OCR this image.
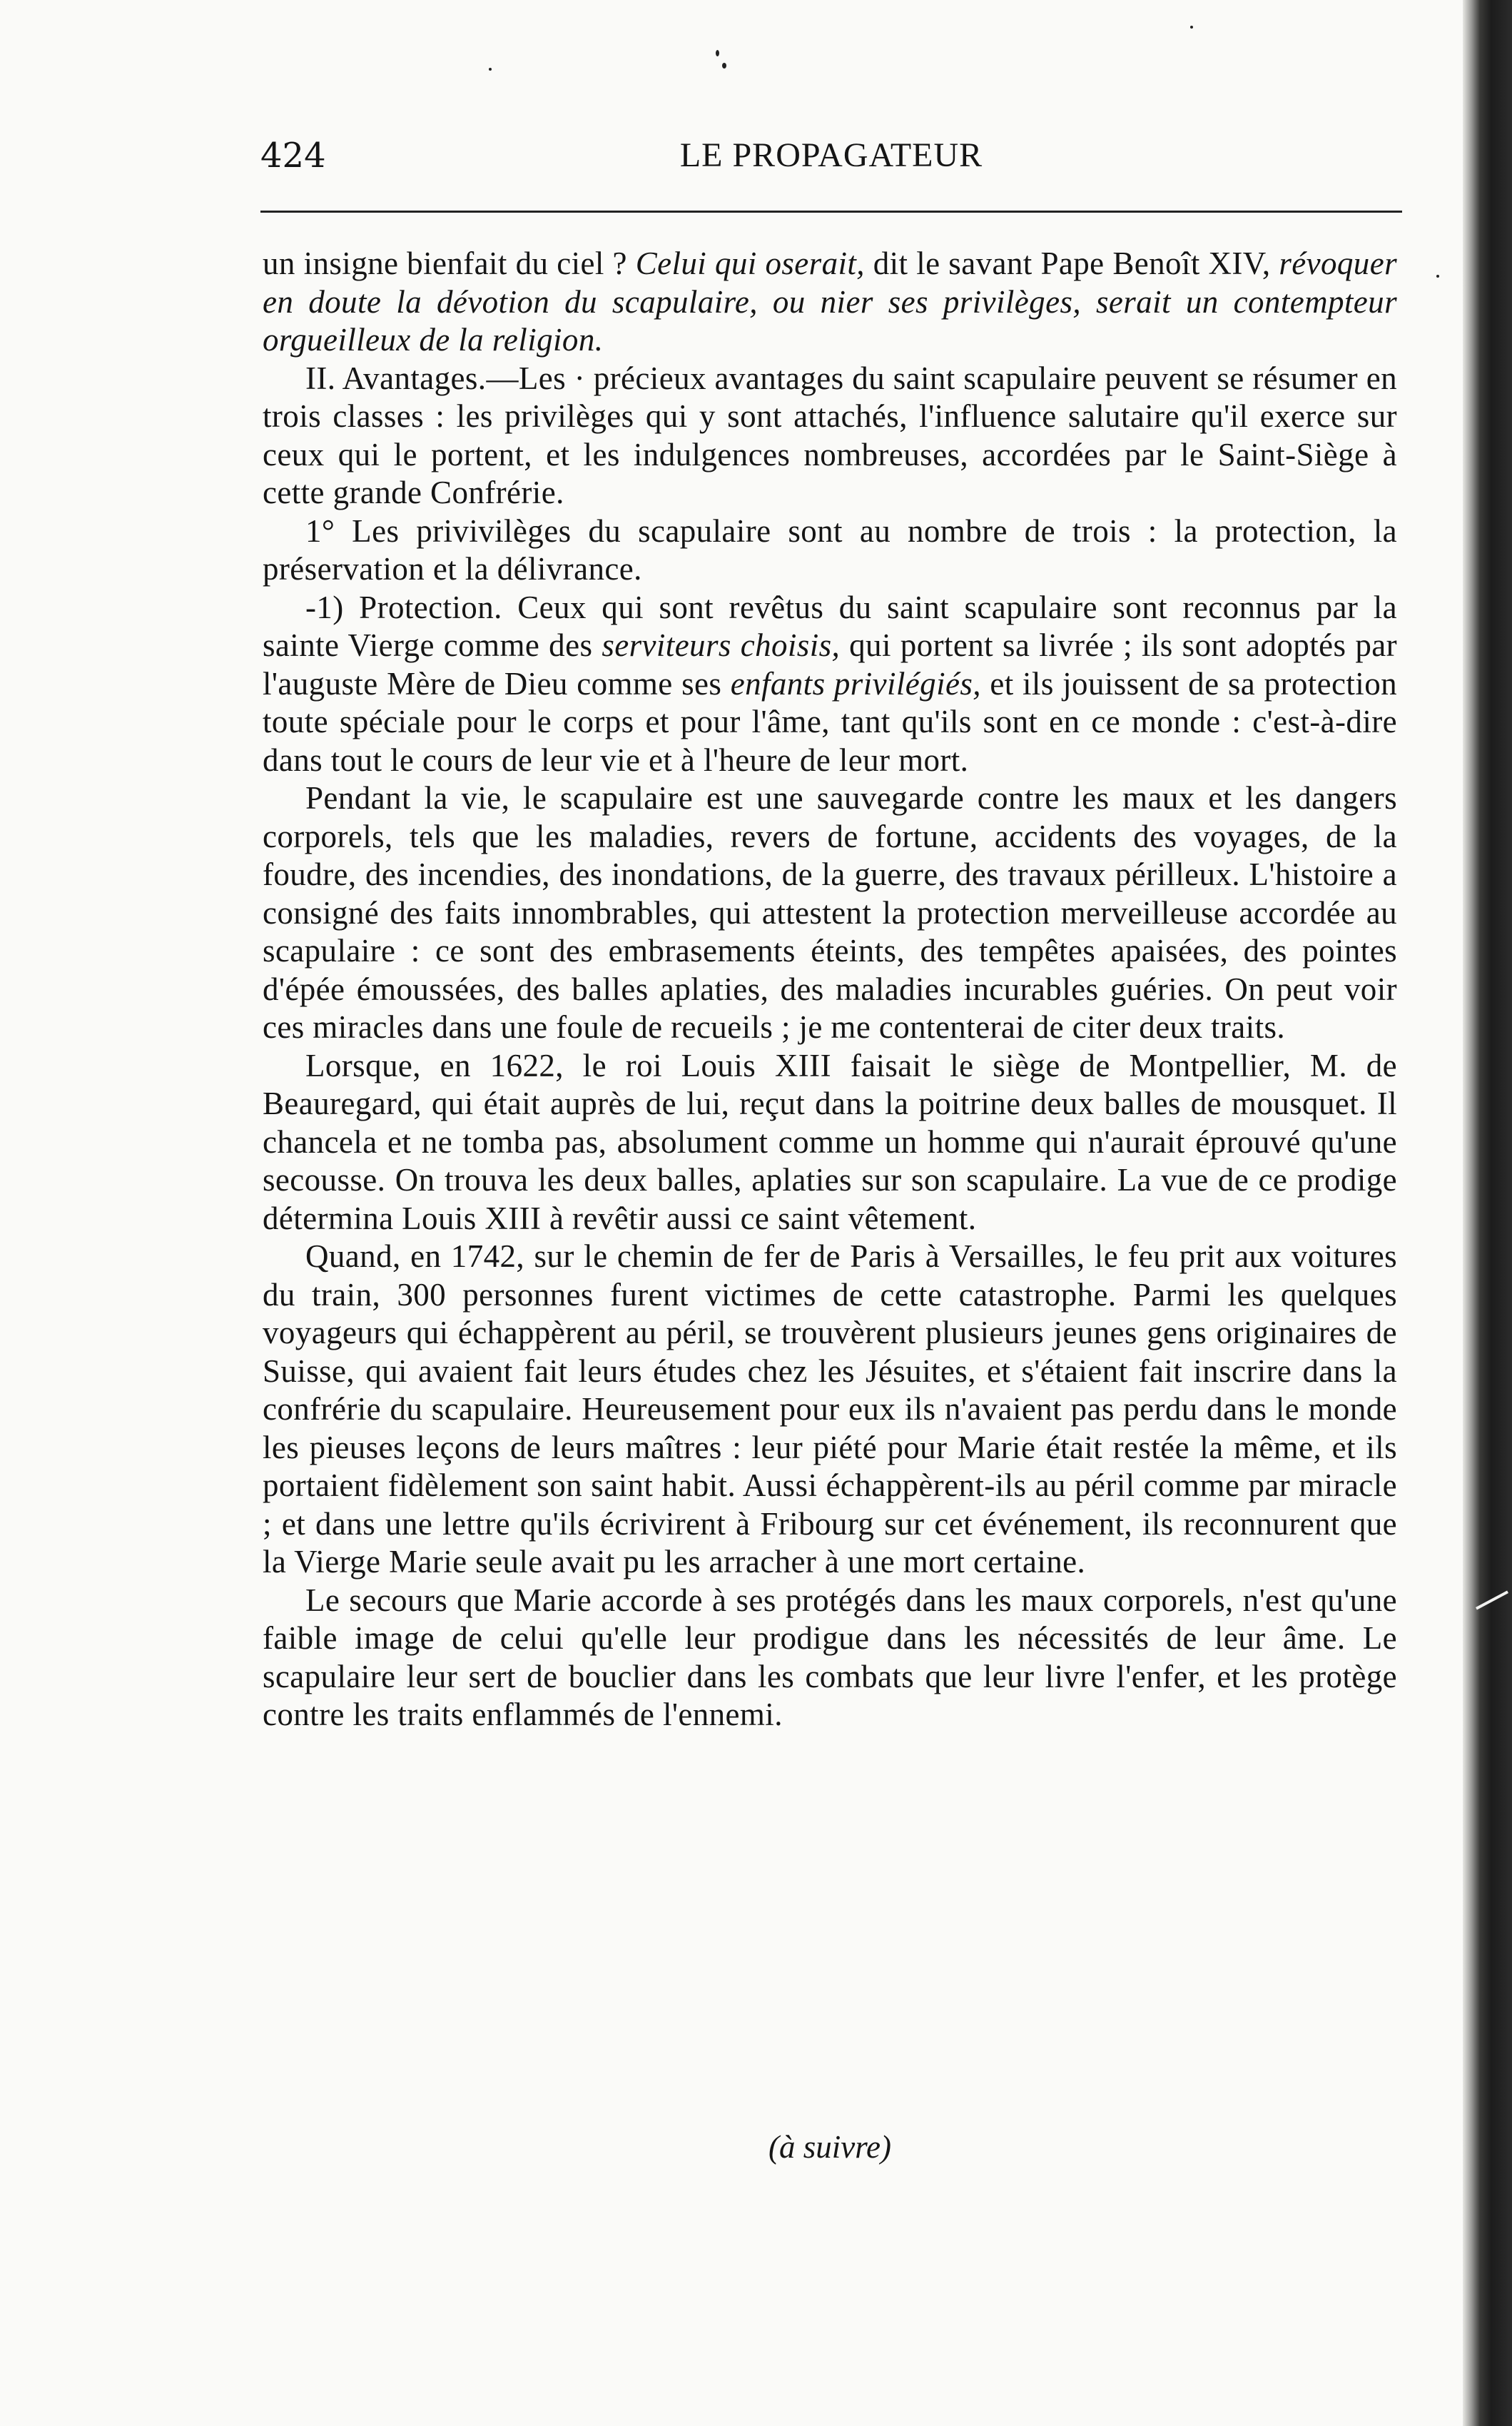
LE PROPAGATEUR
424

un insigne bienfait du ciel ? Celui qui oserait, dit le savant Pape Benoît XIV, révoquer en doute la dévotion du scapulaire, ou nier ses privilèges, serait un contempteur orgueilleux de la religion.

II. Avantages.—Les · précieux avantages du saint scapulaire peuvent se résumer en trois classes : les privilèges qui y sont attachés, l'influence salutaire qu'il exerce sur ceux qui le portent, et les indulgences nombreuses, accordées par le Saint-Siège à cette grande Confrérie.

1° Les privivilèges du scapulaire sont au nombre de trois : la protection, la préservation et la délivrance.

-1) Protection. Ceux qui sont revêtus du saint scapulaire sont reconnus par la sainte Vierge comme des serviteurs choisis, qui portent sa livrée ; ils sont adoptés par l'auguste Mère de Dieu comme ses enfants privilégiés, et ils jouissent de sa protection toute spéciale pour le corps et pour l'âme, tant qu'ils sont en ce monde : c'est-à-dire dans tout le cours de leur vie et à l'heure de leur mort.

Pendant la vie, le scapulaire est une sauvegarde contre les maux et les dangers corporels, tels que les maladies, revers de fortune, accidents des voyages, de la foudre, des incendies, des inondations, de la guerre, des travaux périlleux. L'histoire a consigné des faits innombrables, qui attestent la protection merveilleuse accordée au scapulaire : ce sont des embrasements éteints, des tempêtes apaisées, des pointes d'épée émoussées, des balles aplaties, des maladies incurables guéries. On peut voir ces miracles dans une foule de recueils ; je me contenterai de citer deux traits.

Lorsque, en 1622, le roi Louis XIII faisait le siège de Montpellier, M. de Beauregard, qui était auprès de lui, reçut dans la poitrine deux balles de mousquet. Il chancela et ne tomba pas, absolument comme un homme qui n'aurait éprouvé qu'une secousse. On trouva les deux balles, aplaties sur son scapulaire. La vue de ce prodige détermina Louis XIII à revêtir aussi ce saint vêtement.

Quand, en 1742, sur le chemin de fer de Paris à Versailles, le feu prit aux voitures du train, 300 personnes furent victimes de cette catastrophe. Parmi les quelques voyageurs qui échappèrent au péril, se trouvèrent plusieurs jeunes gens originaires de Suisse, qui avaient fait leurs études chez les Jésuites, et s'étaient fait inscrire dans la confrérie du scapulaire. Heureusement pour eux ils n'avaient pas perdu dans le monde les pieuses leçons de leurs maîtres : leur piété pour Marie était restée la même, et ils portaient fidèlement son saint habit. Aussi échappèrent-ils au péril comme par miracle ; et dans une lettre qu'ils écrivirent à Fribourg sur cet événement, ils reconnurent que la Vierge Marie seule avait pu les arracher à une mort certaine.

Le secours que Marie accorde à ses protégés dans les maux corporels, n'est qu'une faible image de celui qu'elle leur prodigue dans les nécessités de leur âme. Le scapulaire leur sert de bouclier dans les combats que leur livre l'enfer, et les protège contre les traits enflammés de l'ennemi.

(à suivre)
